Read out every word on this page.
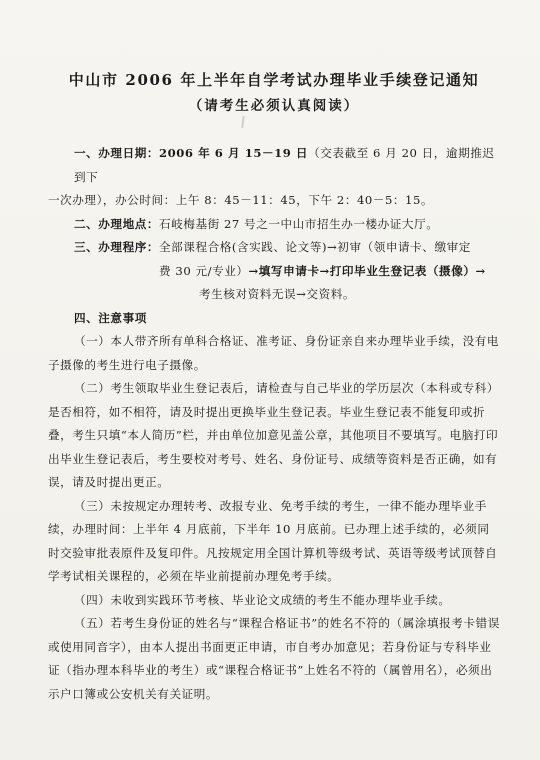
中山市 2006 年上半年自学考试办理毕业手续登记通知
（请考生必须认真阅读）

一、办理日期：2006 年 6 月 15－19 日（交表截至 6 月 20 日，逾期推迟到下

一次办理），办公时间：上午 8：45－11：45，下午 2：40－5：15。

二、办理地点：石岐梅基街 27 号之一中山市招生办一楼办证大厅。

三、办理程序： 全部课程合格(含实践、论文等)→初审（领申请卡、缴审定
费 30 元/专业）→填写申请卡→打印毕业生登记表（摄像）→
考生核对资料无误→交资料。

四、注意事项

（一）本人带齐所有单科合格证、准考证、身份证亲自来办理毕业手续，没有电子摄像的考生进行电子摄像。

（二）考生领取毕业生登记表后，请检查与自己毕业的学历层次（本科或专科）是否相符，如不相符，请及时提出更换毕业生登记表。毕业生登记表不能复印或折叠，考生只填“本人简历”栏，并由单位加意见盖公章，其他项目不要填写。电脑打印出毕业生登记表后，考生要校对考号、姓名、身份证号、成绩等资料是否正确，如有误，请及时提出更正。

（三）未按规定办理转考、改报专业、免考手续的考生，一律不能办理毕业手续，办理时间：上半年 4 月底前，下半年 10 月底前。已办理上述手续的，必须同时交验审批表原件及复印件。凡按规定用全国计算机等级考试、英语等级考试顶替自学考试相关课程的，必须在毕业前提前办理免考手续。

（四）未收到实践环节考核、毕业论文成绩的考生不能办理毕业手续。

（五）若考生身份证的姓名与“课程合格证书”的姓名不符的（属涂填报考卡错误或使用同音字），由本人提出书面更正申请，市自考办加意见；若身份证与专科毕业证（指办理本科毕业的考生）或“课程合格证书”上姓名不符的（属曾用名），必须出示户口簿或公安机关有关证明。
